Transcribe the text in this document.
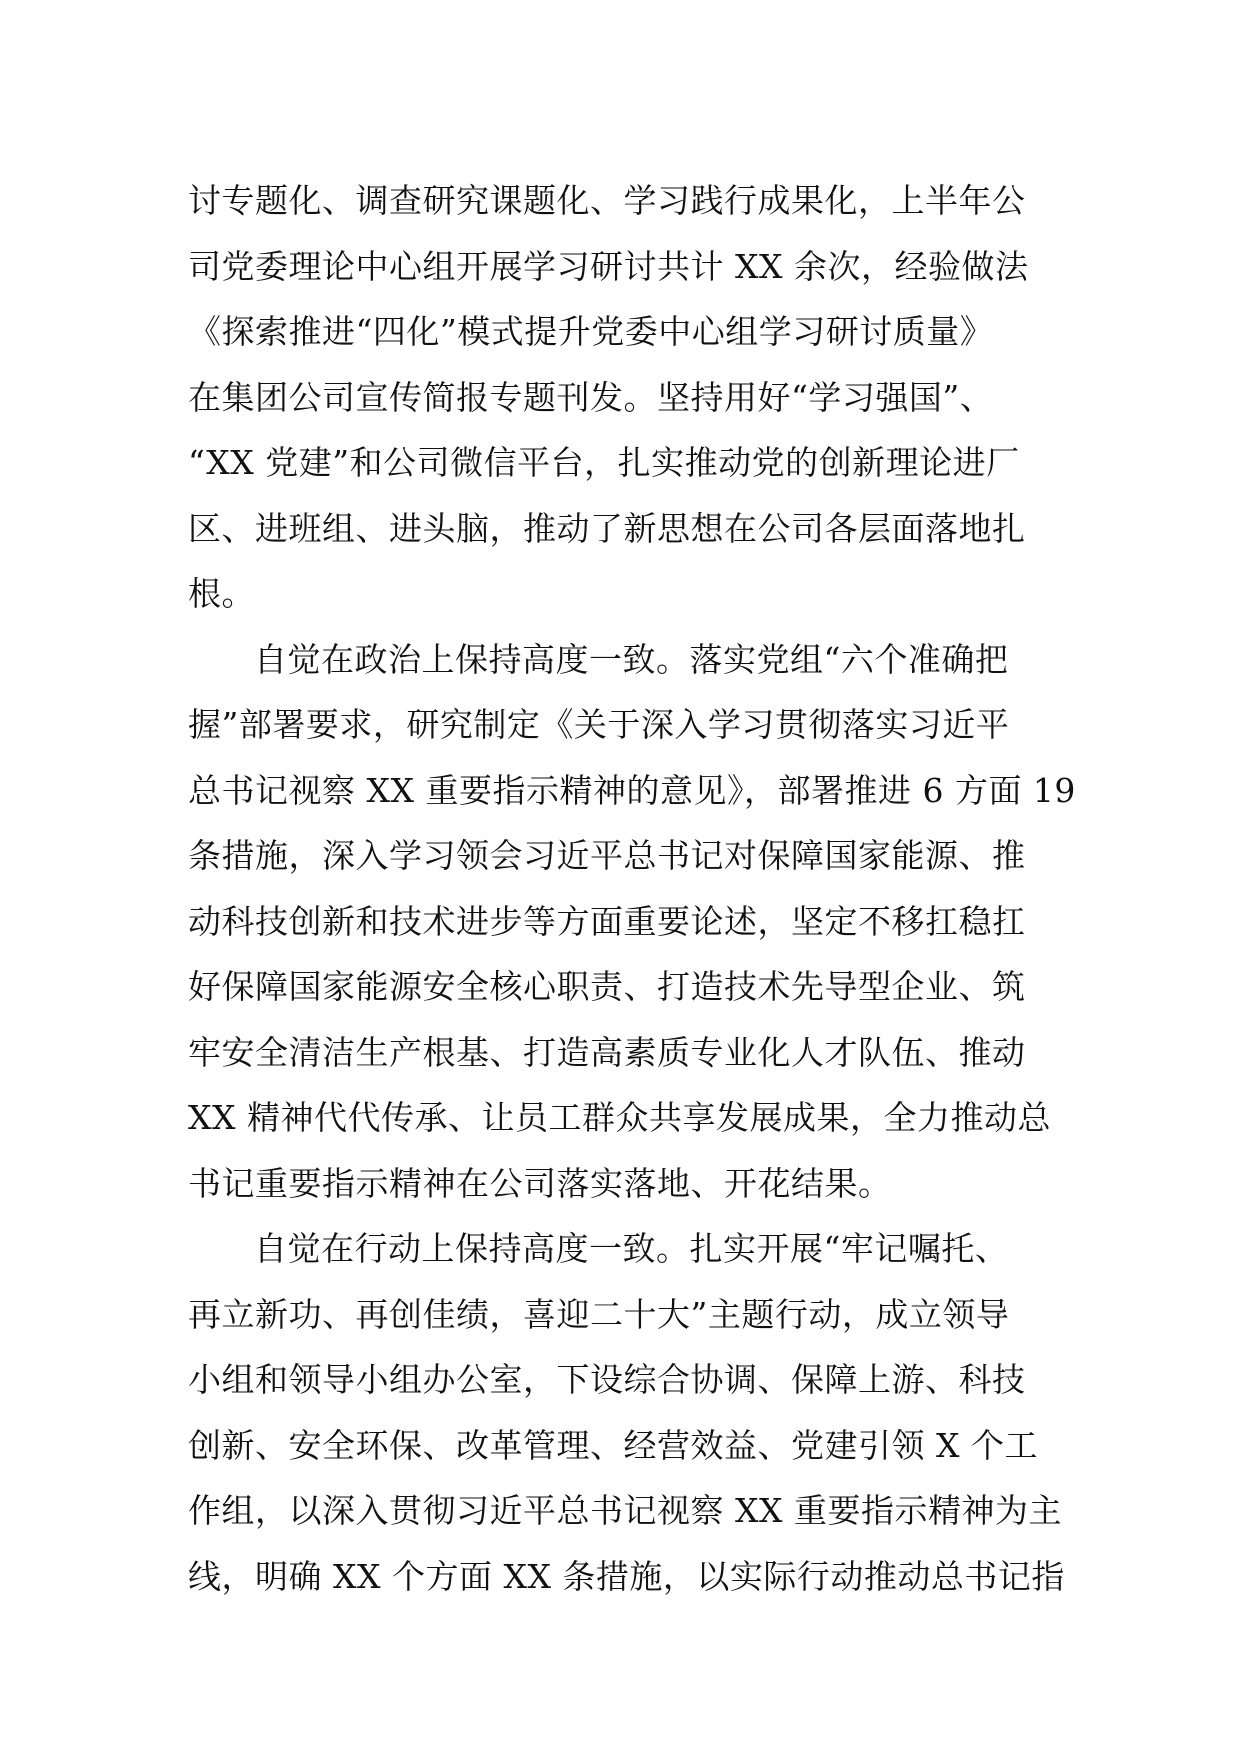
讨专题化、调查研究课题化、学习践行成果化，上半年公
司党委理论中心组开展学习研讨共计 XX 余次，经验做法
《探索推进“四化”模式提升党委中心组学习研讨质量》
在集团公司宣传简报专题刊发。坚持用好“学习强国”、
“XX 党建”和公司微信平台，扎实推动党的创新理论进厂
区、进班组、进头脑，推动了新思想在公司各层面落地扎
根。
自觉在政治上保持高度一致。落实党组“六个准确把
握”部署要求，研究制定《关于深入学习贯彻落实习近平
总书记视察 XX 重要指示精神的意见》，部署推进 6 方面 19
条措施，深入学习领会习近平总书记对保障国家能源、推
动科技创新和技术进步等方面重要论述，坚定不移扛稳扛
好保障国家能源安全核心职责、打造技术先导型企业、筑
牢安全清洁生产根基、打造高素质专业化人才队伍、推动
XX 精神代代传承、让员工群众共享发展成果，全力推动总
书记重要指示精神在公司落实落地、开花结果。
自觉在行动上保持高度一致。扎实开展“牢记嘱托、
再立新功、再创佳绩，喜迎二十大”主题行动，成立领导
小组和领导小组办公室，下设综合协调、保障上游、科技
创新、安全环保、改革管理、经营效益、党建引领 X 个工
作组，以深入贯彻习近平总书记视察 XX 重要指示精神为主
线，明确 XX 个方面 XX 条措施，以实际行动推动总书记指
